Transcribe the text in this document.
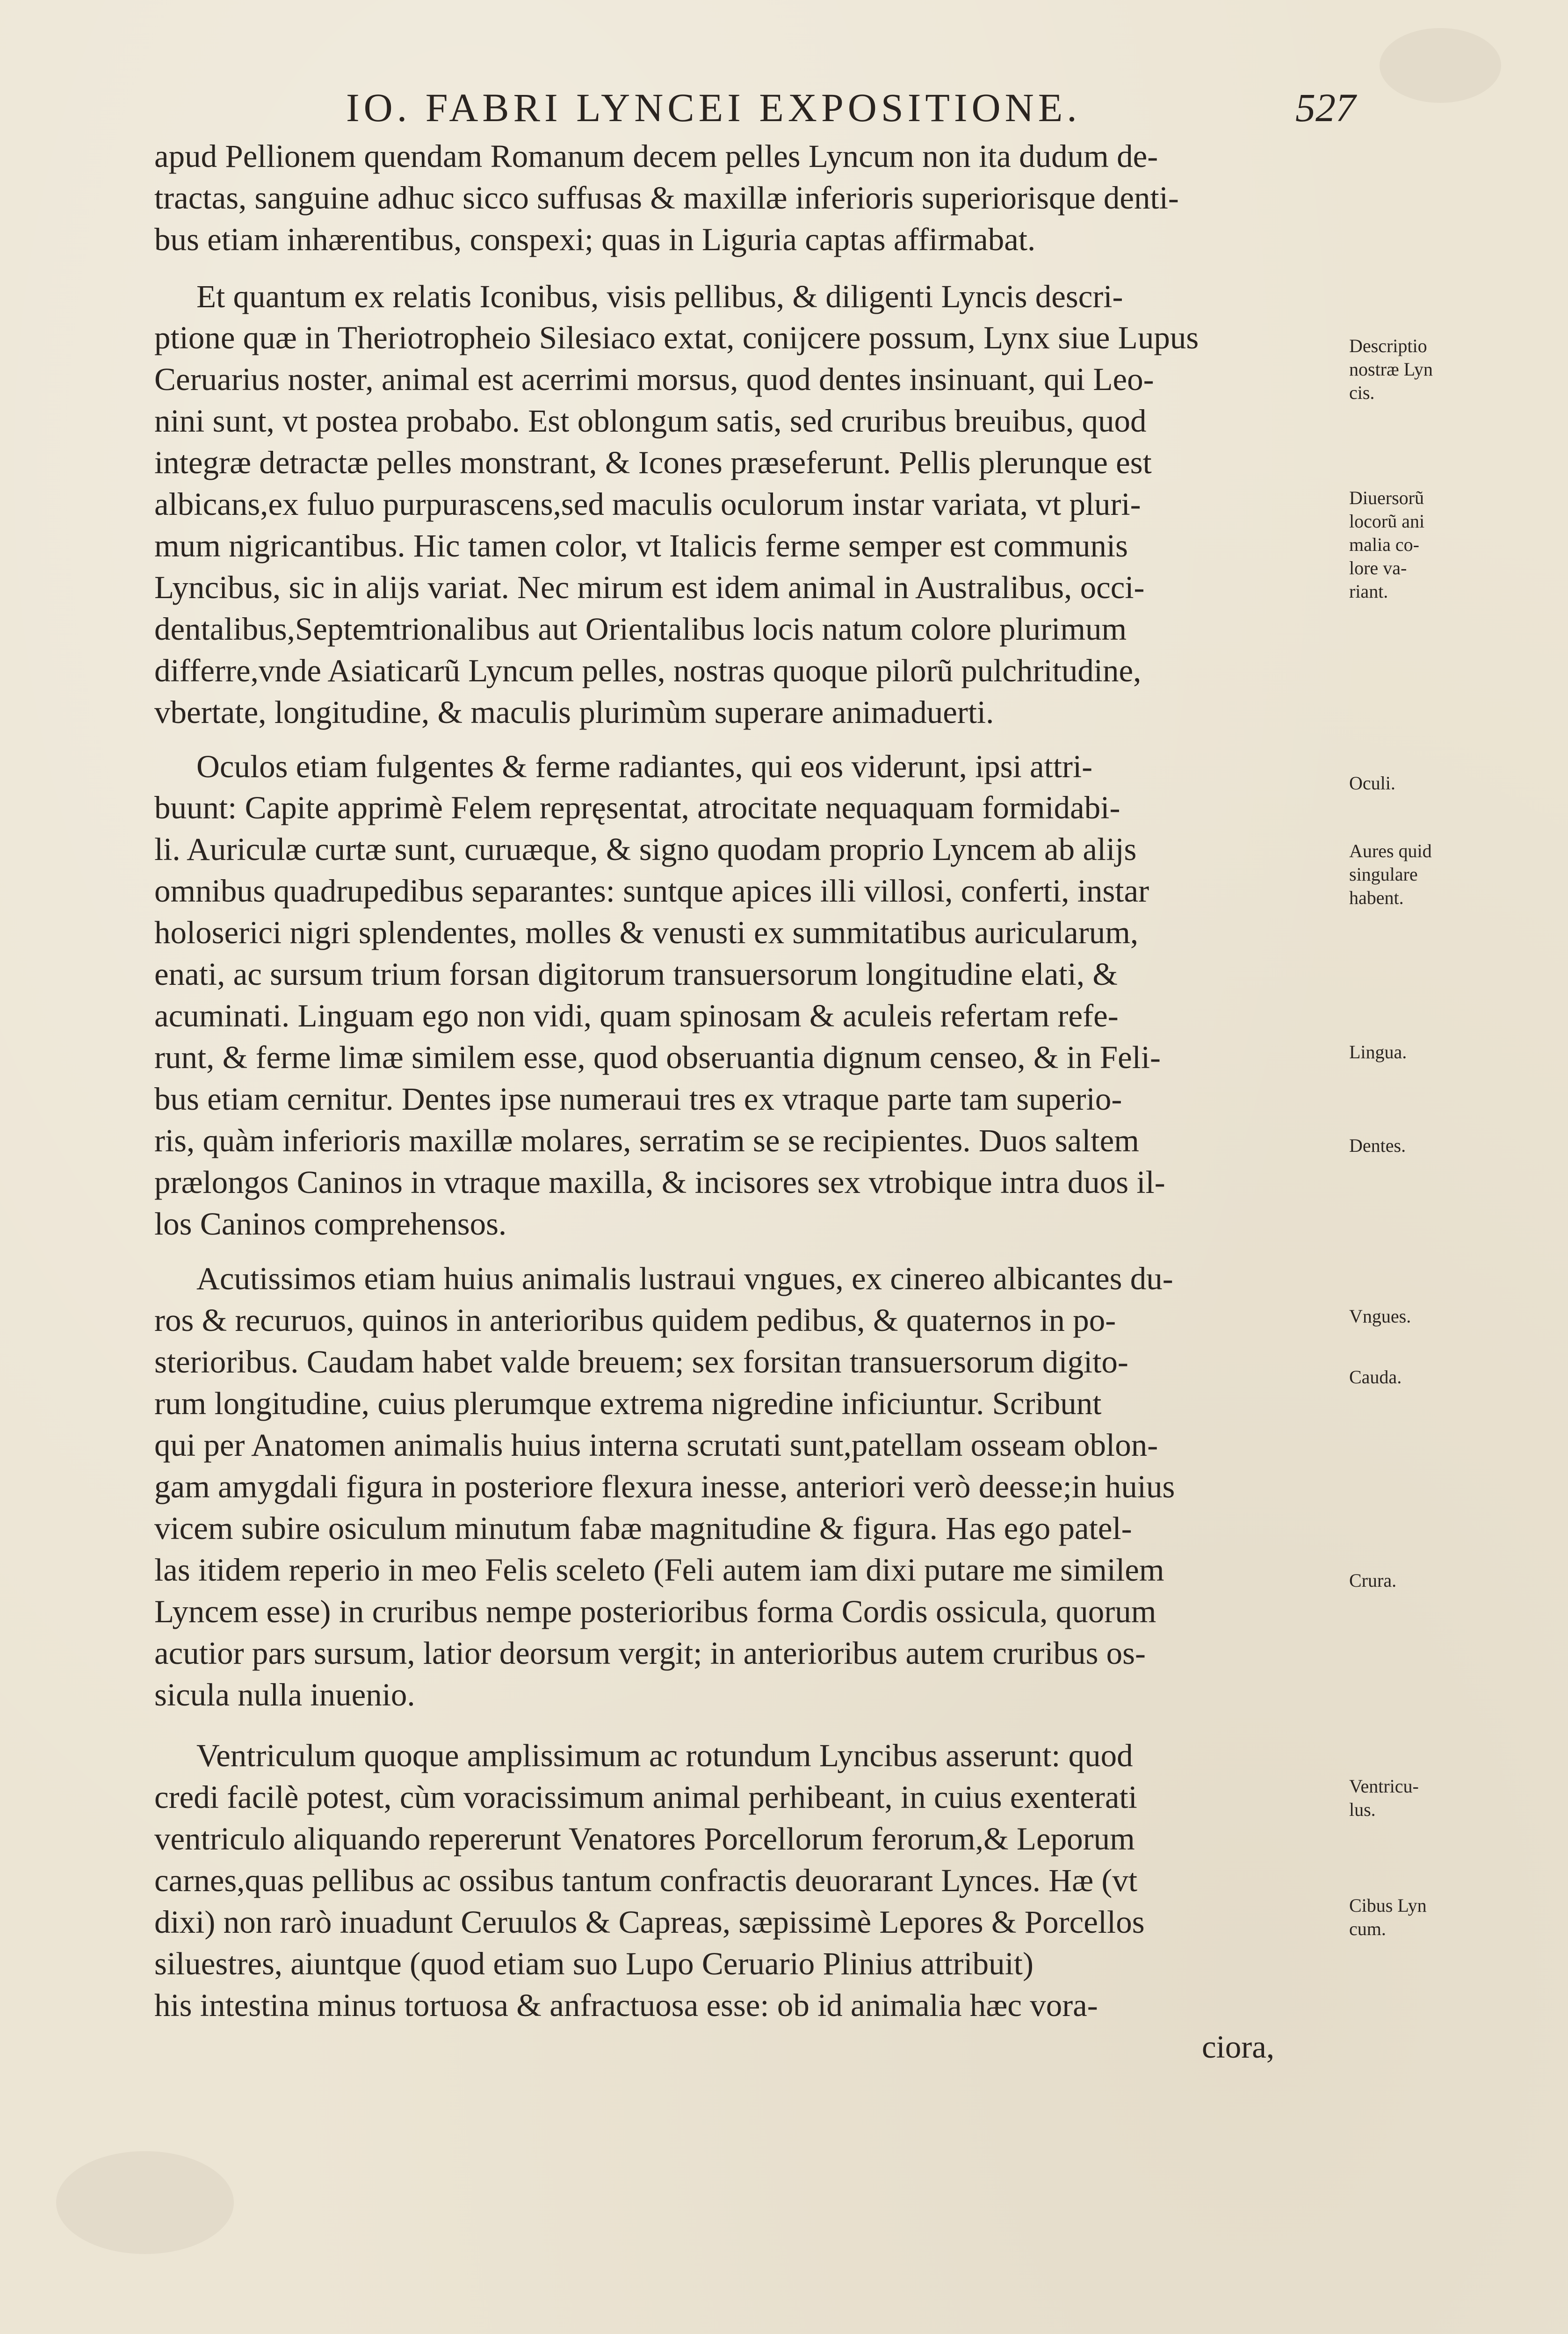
IO. FABRI LYNCEI EXPOSITIONE.	527
apud Pellionem quendam Romanum decem pelles Lyncum non ita dudum de-
tractas, sanguine adhuc sicco suffusas & maxillæ inferioris superiorisque denti-
bus etiam inhærentibus, conspexi; quas in Liguria captas affirmabat.
Et quantum ex relatis Iconibus, visis pellibus, & diligenti Lyncis descri-
ptione quæ in Theriotropheio Silesiaco extat, conijcere possum, Lynx siue Lupus
Ceruarius noster, animal est acerrimi morsus, quod dentes insinuant, qui Leo-
nini sunt, vt postea probabo. Est oblongum satis, sed cruribus breuibus, quod
integræ detractæ pelles monstrant, & Icones præseferunt. Pellis plerunque est
albicans,ex fuluo purpurascens,sed maculis oculorum instar variata, vt pluri-
mum nigricantibus. Hic tamen color, vt Italicis ferme semper est communis
Lyncibus, sic in alijs variat. Nec mirum est idem animal in Australibus, occi-
dentalibus,Septemtrionalibus aut Orientalibus locis natum colore plurimum
differre,vnde Asiaticarũ Lyncum pelles, nostras quoque pilorũ pulchritudine,
vbertate, longitudine, & maculis plurimùm superare animaduerti.
Oculos etiam fulgentes & ferme radiantes, qui eos viderunt, ipsi attri-
buunt: Capite apprimè Felem repręsentat, atrocitate nequaquam formidabi-
li. Auriculæ curtæ sunt, curuæque, & signo quodam proprio Lyncem ab alijs
omnibus quadrupedibus separantes: suntque apices illi villosi, conferti, instar
holoserici nigri splendentes, molles & venusti ex summitatibus auricularum,
enati, ac sursum trium forsan digitorum transuersorum longitudine elati, &
acuminati. Linguam ego non vidi, quam spinosam & aculeis refertam refe-
runt, & ferme limæ similem esse, quod obseruantia dignum censeo, & in Feli-
bus etiam cernitur. Dentes ipse numeraui tres ex vtraque parte tam superio-
ris, quàm inferioris maxillæ molares, serratim se se recipientes. Duos saltem
prælongos Caninos in vtraque maxilla, & incisores sex vtrobique intra duos il-
los Caninos comprehensos.
Acutissimos etiam huius animalis lustraui vngues, ex cinereo albicantes du-
ros & recuruos, quinos in anterioribus quidem pedibus, & quaternos in po-
sterioribus. Caudam habet valde breuem; sex forsitan transuersorum digito-
rum longitudine, cuius plerumque extrema nigredine inficiuntur. Scribunt
qui per Anatomen animalis huius interna scrutati sunt,patellam osseam oblon-
gam amygdali figura in posteriore flexura inesse, anteriori verò deesse;in huius
vicem subire osiculum minutum fabæ magnitudine & figura. Has ego patel-
las itidem reperio in meo Felis sceleto (Feli autem iam dixi putare me similem
Lyncem esse) in cruribus nempe posterioribus forma Cordis ossicula, quorum
acutior pars sursum, latior deorsum vergit; in anterioribus autem cruribus os-
sicula nulla inuenio.
Ventriculum quoque amplissimum ac rotundum Lyncibus asserunt: quod
credi facilè potest, cùm voracissimum animal perhibeant, in cuius exenterati
ventriculo aliquando repererunt Venatores Porcellorum ferorum,& Leporum
carnes,quas pellibus ac ossibus tantum confractis deuorarant Lynces. Hæ (vt
dixi) non rarò inuadunt Ceruulos & Capreas, sæpissimè Lepores & Porcellos
siluestres, aiuntque (quod etiam suo Lupo Ceruario Plinius attribuit)
his intestina minus tortuosa & anfractuosa esse: ob id animalia hæc vora-
ciora,
Descriptio
nostræ Lyn
cis.
Diuersorũ
locorũ ani
malia co-
lore va-
riant.
Oculi.
Aures quid
singulare
habent.
Lingua.
Dentes.
Vngues.
Cauda.
Crura.
Ventricu-
lus.
Cibus Lyn
cum.
